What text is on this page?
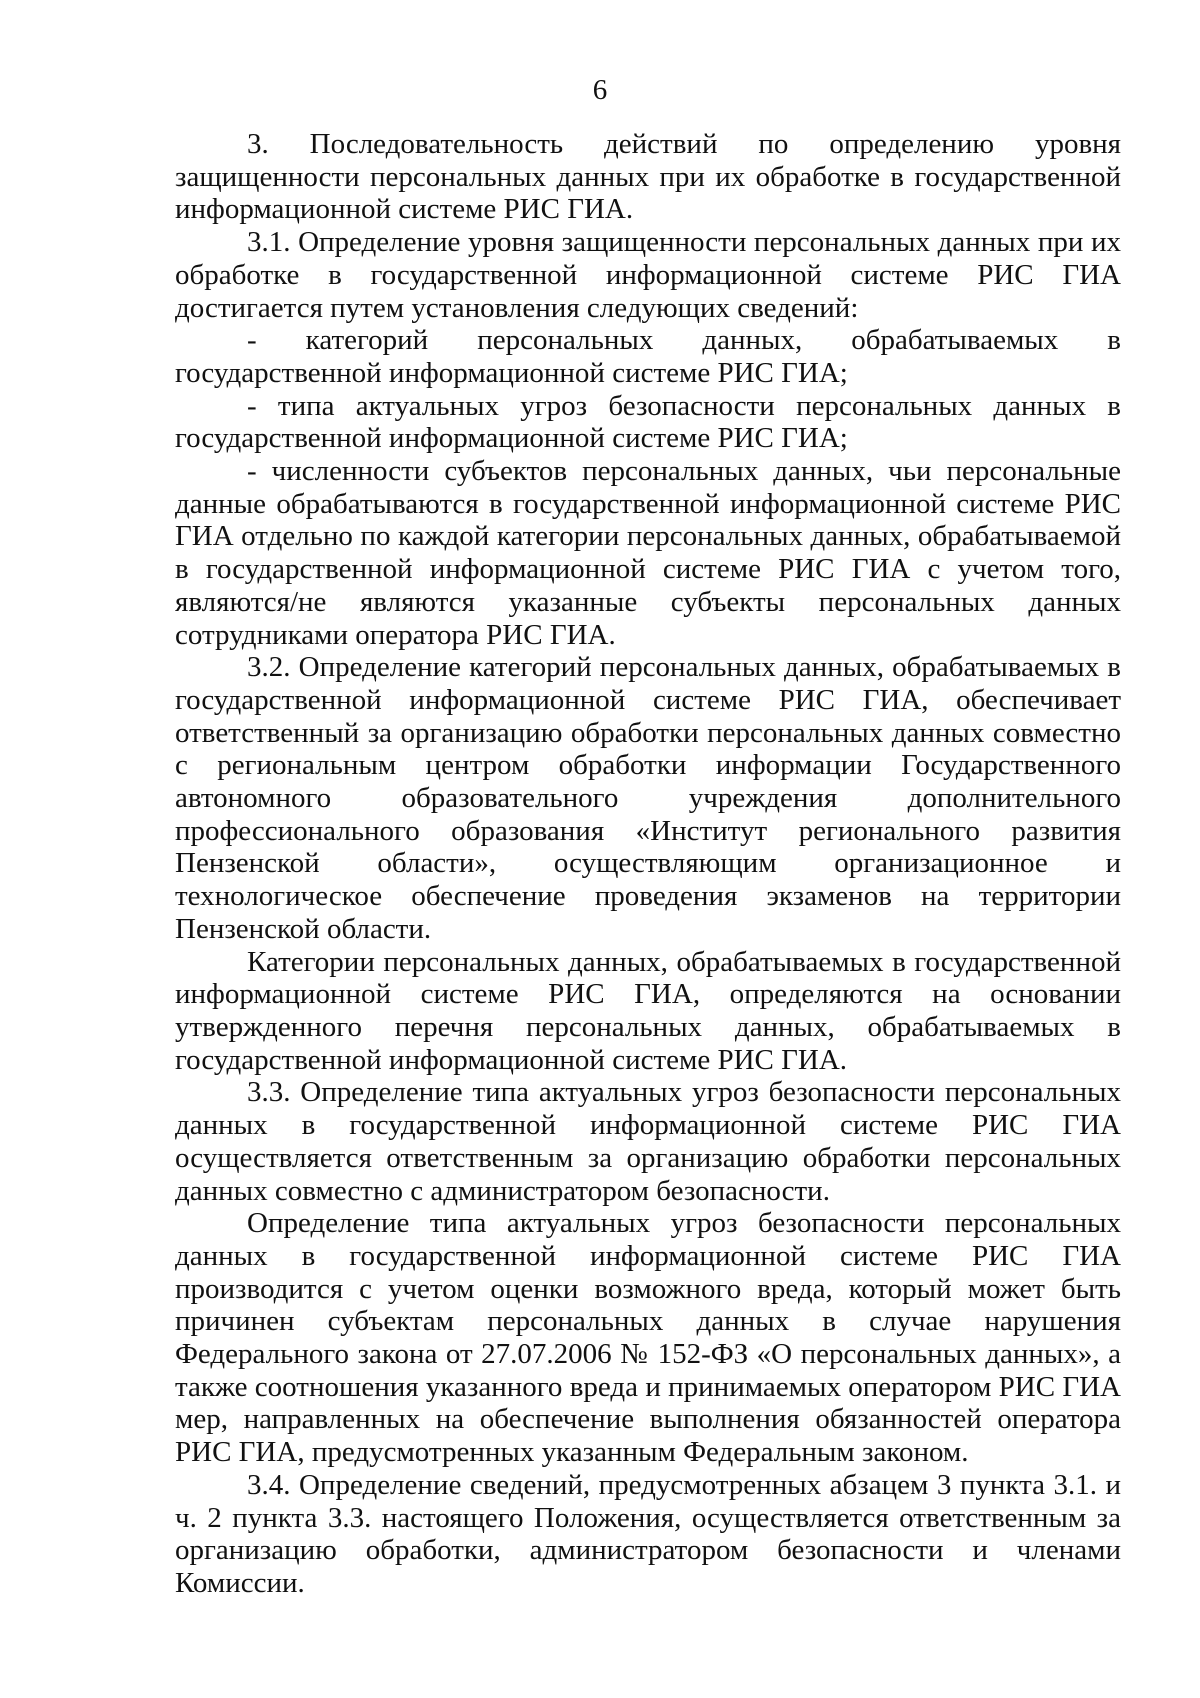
6

3. Последовательность действий по определению уровня защищенности персональных данных при их обработке в государственной информационной системе РИС ГИА.

3.1. Определение уровня защищенности персональных данных при их обработке в государственной информационной системе РИС ГИА достигается путем установления следующих сведений:

- категорий персональных данных, обрабатываемых в государственной информационной системе РИС ГИА;

- типа актуальных угроз безопасности персональных данных в государственной информационной системе РИС ГИА;

- численности субъектов персональных данных, чьи персональные данные обрабатываются в государственной информационной системе РИС ГИА отдельно по каждой категории персональных данных, обрабатываемой в государственной информационной системе РИС ГИА с учетом того, являются/не являются указанные субъекты персональных данных сотрудниками оператора РИС ГИА.

3.2. Определение категорий персональных данных, обрабатываемых в государственной информационной системе РИС ГИА, обеспечивает ответственный за организацию обработки персональных данных совместно с региональным центром обработки информации Государственного автономного образовательного учреждения дополнительного профессионального образования «Институт регионального развития Пензенской области», осуществляющим организационное и технологическое обеспечение проведения экзаменов на территории Пензенской области.

Категории персональных данных, обрабатываемых в государственной информационной системе РИС ГИА, определяются на основании утвержденного перечня персональных данных, обрабатываемых в государственной информационной системе РИС ГИА.

3.3. Определение типа актуальных угроз безопасности персональных данных в государственной информационной системе РИС ГИА осуществляется ответственным за организацию обработки персональных данных совместно с администратором безопасности.

Определение типа актуальных угроз безопасности персональных данных в государственной информационной системе РИС ГИА производится с учетом оценки возможного вреда, который может быть причинен субъектам персональных данных в случае нарушения Федерального закона от 27.07.2006 № 152-ФЗ «О персональных данных», а также соотношения указанного вреда и принимаемых оператором РИС ГИА мер, направленных на обеспечение выполнения обязанностей оператора РИС ГИА, предусмотренных указанным Федеральным законом.

3.4. Определение сведений, предусмотренных абзацем 3 пункта 3.1. и ч. 2 пункта 3.3. настоящего Положения, осуществляется ответственным за организацию обработки, администратором безопасности и членами Комиссии.
